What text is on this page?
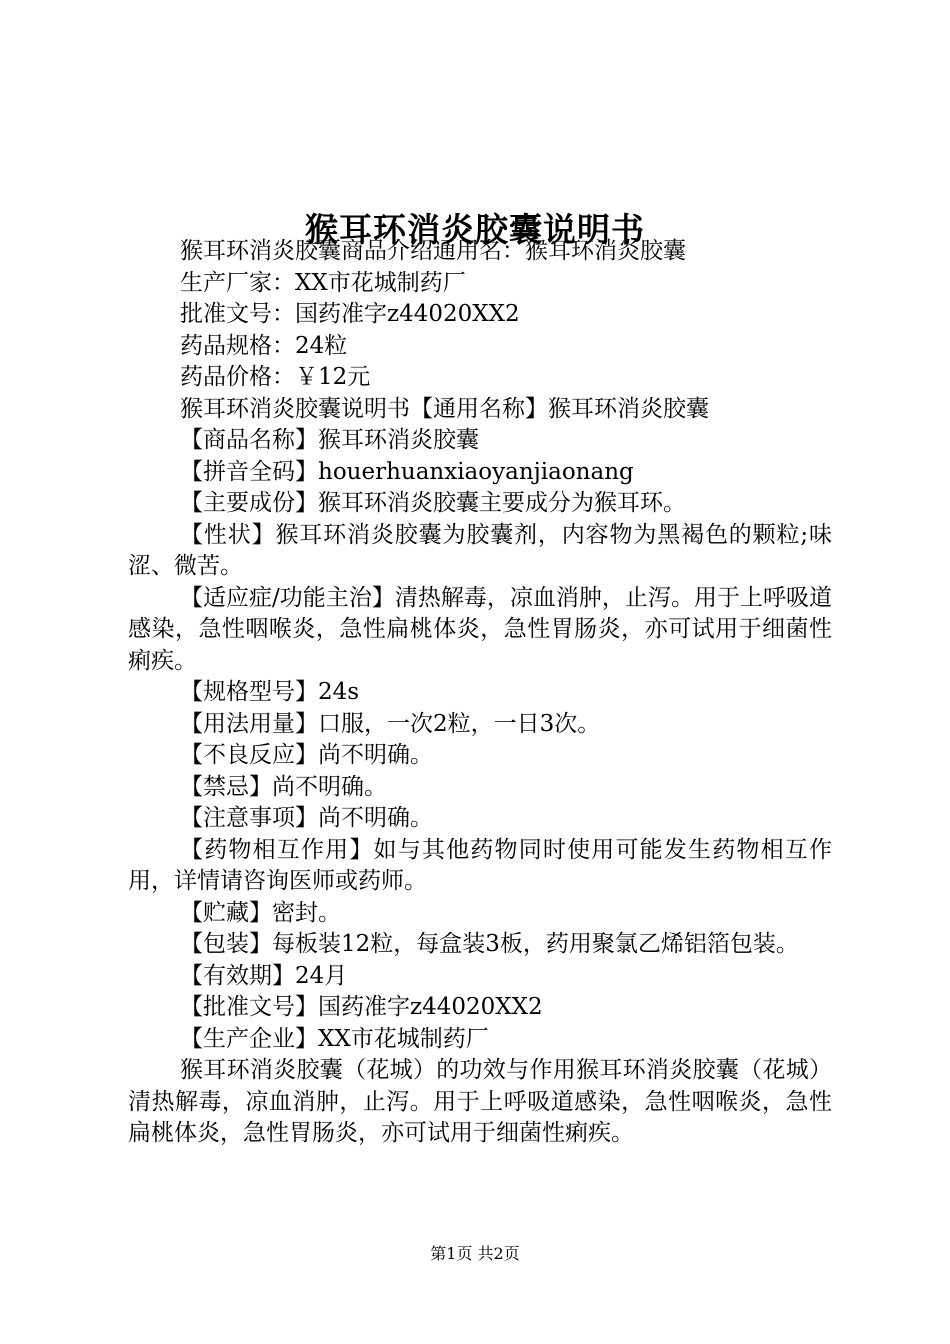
猴耳环消炎胶囊说明书

猴耳环消炎胶囊商品介绍通用名：猴耳环消炎胶囊

生产厂家：XX市花城制药厂

批准文号：国药准字z44020XX2

药品规格：24粒

药品价格：￥12元

猴耳环消炎胶囊说明书【通用名称】猴耳环消炎胶囊

【商品名称】猴耳环消炎胶囊

【拼音全码】houerhuanxiaoyanjiaonang

【主要成份】猴耳环消炎胶囊主要成分为猴耳环。

【性状】猴耳环消炎胶囊为胶囊剂，内容物为黑褐色的颗粒;味涩、微苦。

【适应症/功能主治】清热解毒，凉血消肿，止泻。用于上呼吸道感染，急性咽喉炎，急性扁桃体炎，急性胃肠炎，亦可试用于细菌性痢疾。

【规格型号】24s

【用法用量】口服，一次2粒，一日3次。

【不良反应】尚不明确。

【禁忌】尚不明确。

【注意事项】尚不明确。

【药物相互作用】如与其他药物同时使用可能发生药物相互作用，详情请咨询医师或药师。

【贮藏】密封。

【包装】每板装12粒，每盒装3板，药用聚氯乙烯铝箔包装。

【有效期】24月

【批准文号】国药准字z44020XX2

【生产企业】XX市花城制药厂

猴耳环消炎胶囊（花城）的功效与作用猴耳环消炎胶囊（花城）清热解毒，凉血消肿，止泻。用于上呼吸道感染，急性咽喉炎，急性扁桃体炎，急性胃肠炎，亦可试用于细菌性痢疾。

第1页 共2页
